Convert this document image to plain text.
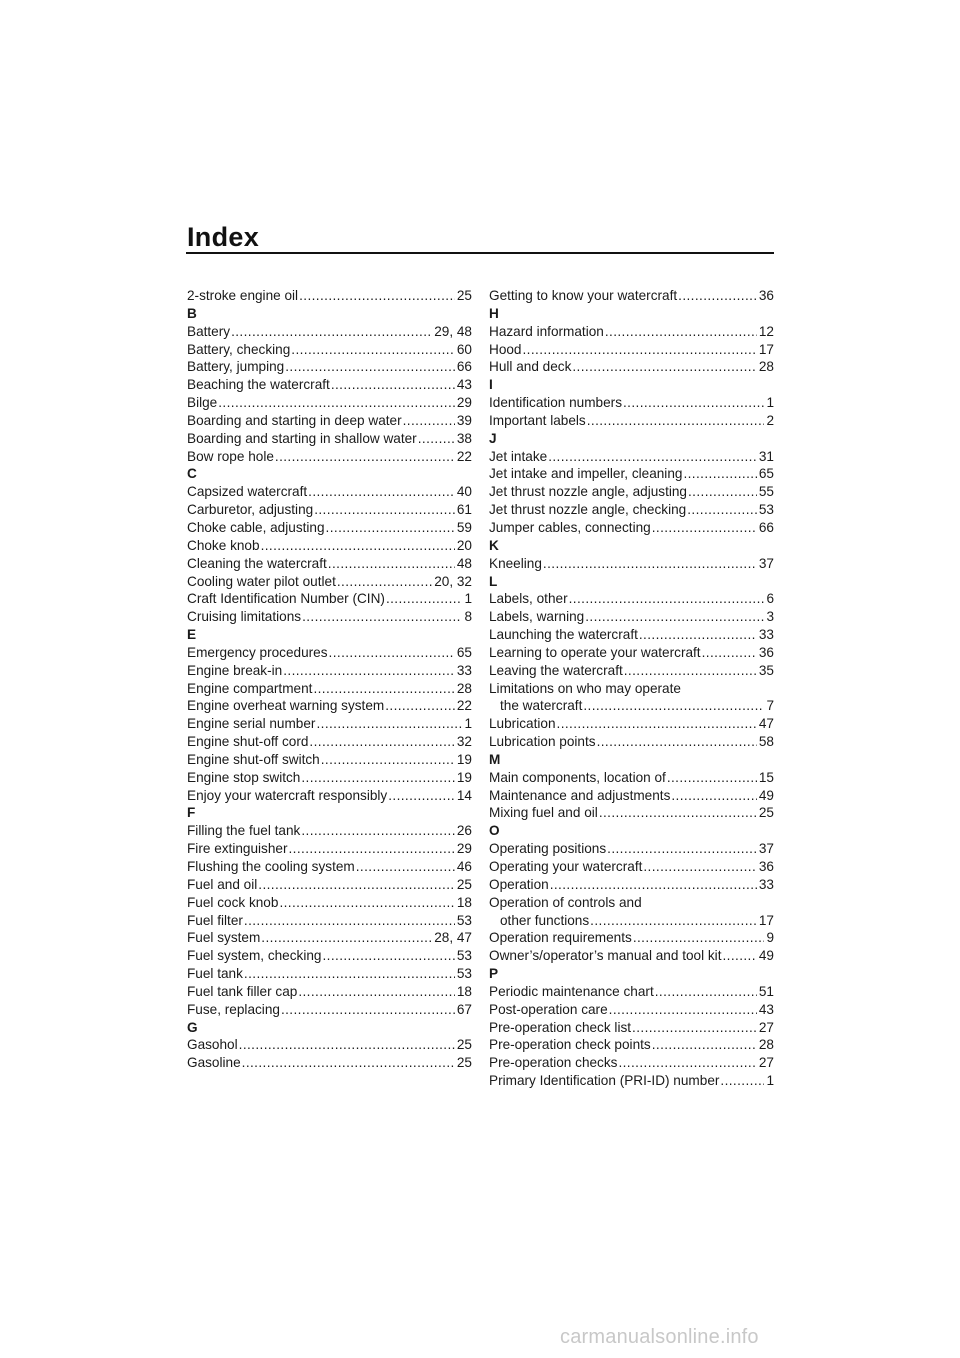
Index
2-stroke engine oil .....	25
B
Battery .....	29, 48
Battery, checking .....	60
Battery, jumping .....	66
Beaching the watercraft .....	43
Bilge .....	29
Boarding and starting in deep water .....	39
Boarding and starting in shallow water .....	38
Bow rope hole .....	22
C
Capsized watercraft .....	40
Carburetor, adjusting .....	61
Choke cable, adjusting .....	59
Choke knob .....	20
Cleaning the watercraft .....	48
Cooling water pilot outlet .....	20, 32
Craft Identification Number (CIN) .....	1
Cruising limitations .....	8
E
Emergency procedures .....	65
Engine break-in .....	33
Engine compartment .....	28
Engine overheat warning system .....	22
Engine serial number .....	1
Engine shut-off cord .....	32
Engine shut-off switch .....	19
Engine stop switch .....	19
Enjoy your watercraft responsibly .....	14
F
Filling the fuel tank .....	26
Fire extinguisher .....	29
Flushing the cooling system .....	46
Fuel and oil .....	25
Fuel cock knob .....	18
Fuel filter .....	53
Fuel system .....	28, 47
Fuel system, checking .....	53
Fuel tank .....	53
Fuel tank filler cap .....	18
Fuse, replacing .....	67
G
Gasohol .....	25
Gasoline .....	25
Getting to know your watercraft .....	36
H
Hazard information .....	12
Hood .....	17
Hull and deck .....	28
I
Identification numbers .....	1
Important labels .....	2
J
Jet intake .....	31
Jet intake and impeller, cleaning .....	65
Jet thrust nozzle angle, adjusting .....	55
Jet thrust nozzle angle, checking .....	53
Jumper cables, connecting .....	66
K
Kneeling .....	37
L
Labels, other .....	6
Labels, warning .....	3
Launching the watercraft .....	33
Learning to operate your watercraft .....	36
Leaving the watercraft .....	35
Limitations on who may operate
the watercraft .....	7
Lubrication .....	47
Lubrication points .....	58
M
Main components, location of .....	15
Maintenance and adjustments .....	49
Mixing fuel and oil .....	25
O
Operating positions .....	37
Operating your watercraft .....	36
Operation .....	33
Operation of controls and
other functions .....	17
Operation requirements .....	9
Owner’s/operator’s manual and tool kit .....	49
P
Periodic maintenance chart .....	51
Post-operation care .....	43
Pre-operation check list .....	27
Pre-operation check points .....	28
Pre-operation checks .....	27
Primary Identification (PRI-ID) number .....	1
carmanualsonline.info
